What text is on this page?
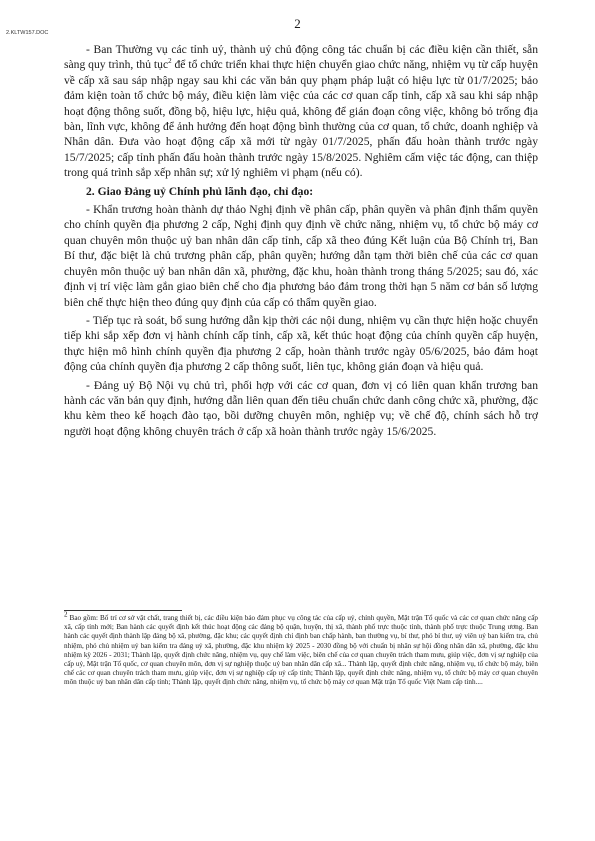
2.KLTW157.DOC
2

- Ban Thường vụ các tỉnh uỷ, thành uỷ chủ động công tác chuẩn bị các điều kiện cần thiết, sẵn sàng quy trình, thủ tục$^2$ để tổ chức triển khai thực hiện chuyển giao chức năng, nhiệm vụ từ cấp huyện về cấp xã sau sáp nhập ngay sau khi các văn bản quy phạm pháp luật có hiệu lực từ 01/7/2025; bảo đảm kiện toàn tổ chức bộ máy, điều kiện làm việc của các cơ quan cấp tỉnh, cấp xã sau khi sáp nhập hoạt động thông suốt, đồng bộ, hiệu lực, hiệu quả, không để gián đoạn công việc, không bỏ trống địa bàn, lĩnh vực, không để ảnh hưởng đến hoạt động bình thường của cơ quan, tổ chức, doanh nghiệp và Nhân dân. Đưa vào hoạt động cấp xã mới từ ngày 01/7/2025, phấn đấu hoàn thành trước ngày 15/7/2025; cấp tỉnh phấn đấu hoàn thành trước ngày 15/8/2025. Nghiêm cấm việc tác động, can thiệp trong quá trình sắp xếp nhân sự; xử lý nghiêm vi phạm (nếu có).

2. Giao Đảng uỷ Chính phủ lãnh đạo, chỉ đạo:

- Khẩn trương hoàn thành dự thảo Nghị định về phân cấp, phân quyền và phân định thẩm quyền cho chính quyền địa phương 2 cấp, Nghị định quy định về chức năng, nhiệm vụ, tổ chức bộ máy cơ quan chuyên môn thuộc uỷ ban nhân dân cấp tỉnh, cấp xã theo đúng Kết luận của Bộ Chính trị, Ban Bí thư, đặc biệt là chủ trương phân cấp, phân quyền; hướng dẫn tạm thời biên chế của các cơ quan chuyên môn thuộc uỷ ban nhân dân xã, phường, đặc khu, hoàn thành trong tháng 5/2025; sau đó, xác định vị trí việc làm gắn giao biên chế cho địa phương bảo đảm trong thời hạn 5 năm cơ bản số lượng biên chế thực hiện theo đúng quy định của cấp có thẩm quyền giao.

- Tiếp tục rà soát, bổ sung hướng dẫn kịp thời các nội dung, nhiệm vụ cần thực hiện hoặc chuyển tiếp khi sắp xếp đơn vị hành chính cấp tỉnh, cấp xã, kết thúc hoạt động của chính quyền cấp huyện, thực hiện mô hình chính quyền địa phương 2 cấp, hoàn thành trước ngày 05/6/2025, bảo đảm hoạt động của chính quyền địa phương 2 cấp thông suốt, liên tục, không gián đoạn và hiệu quả.

- Đảng uỷ Bộ Nội vụ chủ trì, phối hợp với các cơ quan, đơn vị có liên quan khẩn trương ban hành các văn bản quy định, hướng dẫn liên quan đến tiêu chuẩn chức danh công chức xã, phường, đặc khu kèm theo kế hoạch đào tạo, bồi dưỡng chuyên môn, nghiệp vụ; về chế độ, chính sách hỗ trợ người hoạt động không chuyên trách ở cấp xã hoàn thành trước ngày 15/6/2025.

$^2$ Bao gồm: Bố trí cơ sở vật chất, trang thiết bị, các điều kiện bảo đảm phục vụ công tác của cấp uỷ, chính quyền, Mặt trận Tổ quốc và các cơ quan chức năng cấp xã, cấp tỉnh mới; Ban hành các quyết định kết thúc hoạt động các đảng bộ quận, huyện, thị xã, thành phố trực thuộc tỉnh, thành phố trực thuộc Trung ương. Ban hành các quyết định thành lập đảng bộ xã, phường, đặc khu; các quyết định chỉ định ban chấp hành, ban thường vụ, bí thư, phó bí thư, uỷ viên uỷ ban kiểm tra, chủ nhiệm, phó chủ nhiệm uỷ ban kiểm tra đảng uỷ xã, phường, đặc khu nhiệm kỳ 2025 - 2030 đồng bộ với chuẩn bị nhân sự hội đồng nhân dân xã, phường, đặc khu nhiệm kỳ 2026 - 2031; Thành lập, quyết định chức năng, nhiệm vụ, quy chế làm việc, biên chế của cơ quan chuyên trách tham mưu, giúp việc, đơn vị sự nghiệp của cấp uỷ, Mặt trận Tổ quốc, cơ quan chuyên môn, đơn vị sự nghiệp thuộc uỷ ban nhân dân cấp xã... Thành lập, quyết định chức năng, nhiệm vụ, tổ chức bộ máy, biên chế các cơ quan chuyên trách tham mưu, giúp việc, đơn vị sự nghiệp cấp uỷ cấp tỉnh; Thành lập, quyết định chức năng, nhiệm vụ, tổ chức bộ máy cơ quan chuyên môn thuộc uỷ ban nhân dân cấp tỉnh; Thành lập, quyết định chức năng, nhiệm vụ, tổ chức bộ máy cơ quan Mặt trận Tổ quốc Việt Nam cấp tỉnh....
